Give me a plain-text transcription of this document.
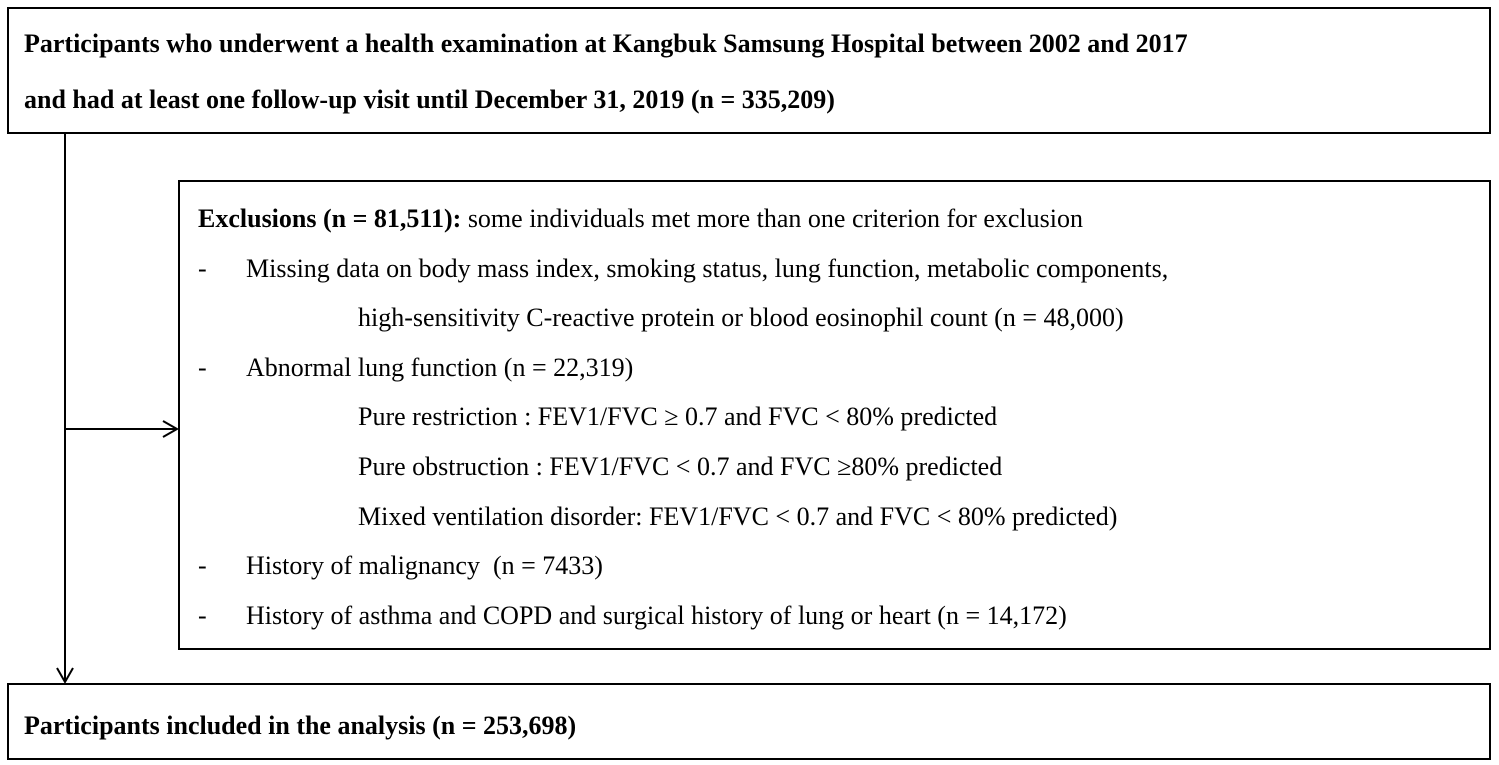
Participants who underwent a health examination at Kangbuk Samsung Hospital between 2002 and 2017
and had at least one follow-up visit until December 31, 2019 (n = 335,209)
Exclusions (n = 81,511): some individuals met more than one criterion for exclusion
- Missing data on body mass index, smoking status, lung function, metabolic components,
high-sensitivity C-reactive protein or blood eosinophil count (n = 48,000)
- Abnormal lung function (n = 22,319)
Pure restriction : FEV1/FVC ≥ 0.7 and FVC < 80% predicted
Pure obstruction : FEV1/FVC < 0.7 and FVC ≥80% predicted
Mixed ventilation disorder: FEV1/FVC < 0.7 and FVC < 80% predicted)
- History of malignancy  (n = 7433)
- History of asthma and COPD and surgical history of lung or heart (n = 14,172)
Participants included in the analysis (n = 253,698)
